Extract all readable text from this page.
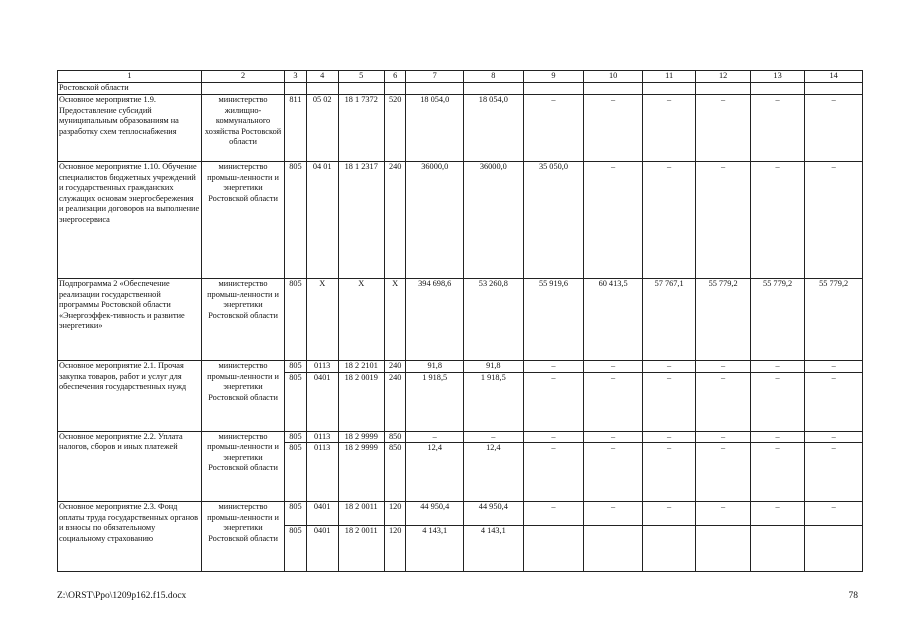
1	2	3	4	5	6	7	8	9	10	11	12	13	14
Ростовской области													
Основное мероприятие 1.9. Предоставление субсидий муниципальным образованиям на разработку схем теплоснабжения	министерство жилищно-коммунального хозяйства Ростовской области	811	05 02	18 1 7372	520	18 054,0	18 054,0	–	–	–	–	–	–
Основное мероприятие 1.10. Обучение специалистов бюджетных учреждений и государственных гражданских служащих основам энергосбережения и реализации договоров на выполнение энергосервиса	министерство промыш-ленности и энергетики Ростовской области	805	04 01	18 1 2317	240	36000,0	36000,0	35 050,0	–	–	–	–	–
Подпрограмма 2 «Обеспечение реализации государственной программы Ростовской области «Энергоэффек-тивность и развитие энергетики»	министерство промыш-ленности и энергетики Ростовской области	805	Х	Х	Х	394 698,6	53 260,8	55 919,6	60 413,5	57 767,1	55 779,2	55 779,2	55 779,2
Основное мероприятие 2.1. Прочая закупка товаров, работ и услуг для обеспечения государственных нужд	министерство промыш-ленности и энергетики Ростовской области	805	0113	18 2 2101	240	91,8	91,8	–	–	–	–	–	–
		805	0401	18 2 0019	240	1 918,5	1 918,5	–	–	–	–	–	–
Основное мероприятие 2.2. Уплата налогов, сборов и иных платежей	министерство промыш-ленности и энергетики Ростовской области	805	0113	18 2 9999	850	–	–	–	–	–	–	–	–
		805	0113	18 2 9999	850	12,4	12,4	–	–	–	–	–	–
Основное мероприятие 2.3. Фонд оплаты труда государственных органов и взносы по обязательному социальному страхованию	министерство промыш-ленности и энергетики Ростовской области	805	0401	18 2 0011	120	44 950,4	44 950,4	–	–	–	–	–	–
		805	0401	18 2 0011	120	4 143,1	4 143,1						
Z:\ORST\Ppo\1209p162.f15.docx	78
